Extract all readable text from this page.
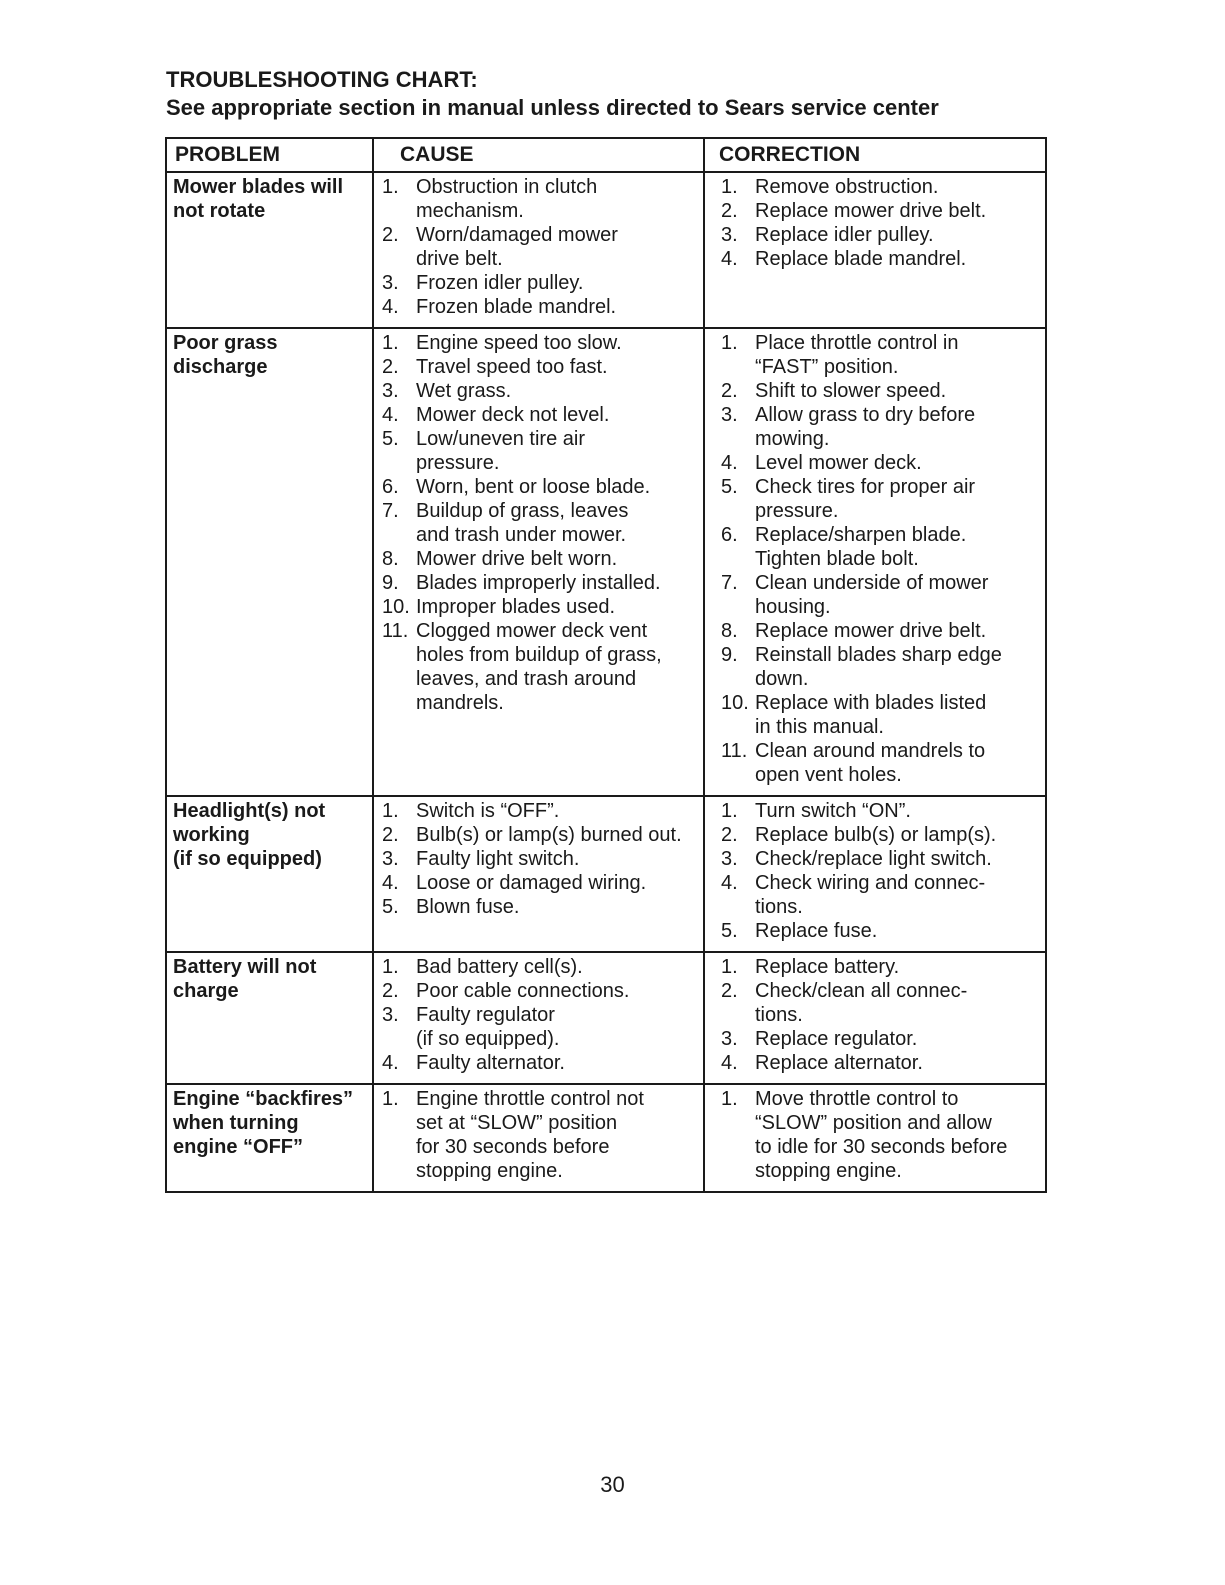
TROUBLESHOOTING CHART:
See appropriate section in manual unless directed to Sears service center
PROBLEM	CAUSE	CORRECTION
Mower blades will
not rotate
1. Obstruction in clutch
mechanism.
2. Worn/damaged mower
drive belt.
3. Frozen idler pulley.
4. Frozen blade mandrel.
1. Remove obstruction.

2. Replace mower drive belt.

3. Replace idler pulley.
4. Replace blade mandrel.
Poor grass
discharge
1. Engine speed too slow.

2. Travel speed too fast.
3. Wet grass.

4. Mower deck not level.
5. Low/uneven tire air
pressure.
6. Worn, bent or loose blade.

7. Buildup of grass, leaves
and trash under mower.
8. Mower drive belt worn.
9. Blades improperly installed.

10. Improper blades used.

11. Clogged mower deck vent
holes from buildup of grass,
leaves, and trash around
mandrels.
1. Place throttle control in
“FAST” position.
2. Shift to slower speed.
3. Allow grass to dry before
mowing.
4. Level mower deck.
5. Check tires for proper air
pressure.
6. Replace/sharpen blade.
Tighten blade bolt.
7. Clean underside of mower
housing.
8. Replace mower drive belt.
9. Reinstall blades sharp edge
down.
10. Replace with blades listed
in this manual.
11. Clean around mandrels to
open vent holes.
Headlight(s) not
working
(if so equipped)
1. Switch is “OFF”.
2. Bulb(s) or lamp(s) burned out.
3. Faulty light switch.
4. Loose or damaged wiring.

5. Blown fuse.
1. Turn switch “ON”.
2. Replace bulb(s) or lamp(s).
3. Check/replace light switch.
4. Check wiring and connec-
tions.
5. Replace fuse.
Battery will not
charge
1. Bad battery cell(s).
2. Poor cable connections.

3. Faulty regulator
(if so equipped).
4. Faulty alternator.
1. Replace battery.
2. Check/clean all connec-
tions.
3. Replace regulator.

4. Replace alternator.
Engine “backfires”
when turning
engine “OFF”
1. Engine throttle control not
set at “SLOW” position
for 30 seconds before
stopping engine.
1. Move throttle control to
“SLOW” position and allow
to idle for 30 seconds before
stopping engine.
30
